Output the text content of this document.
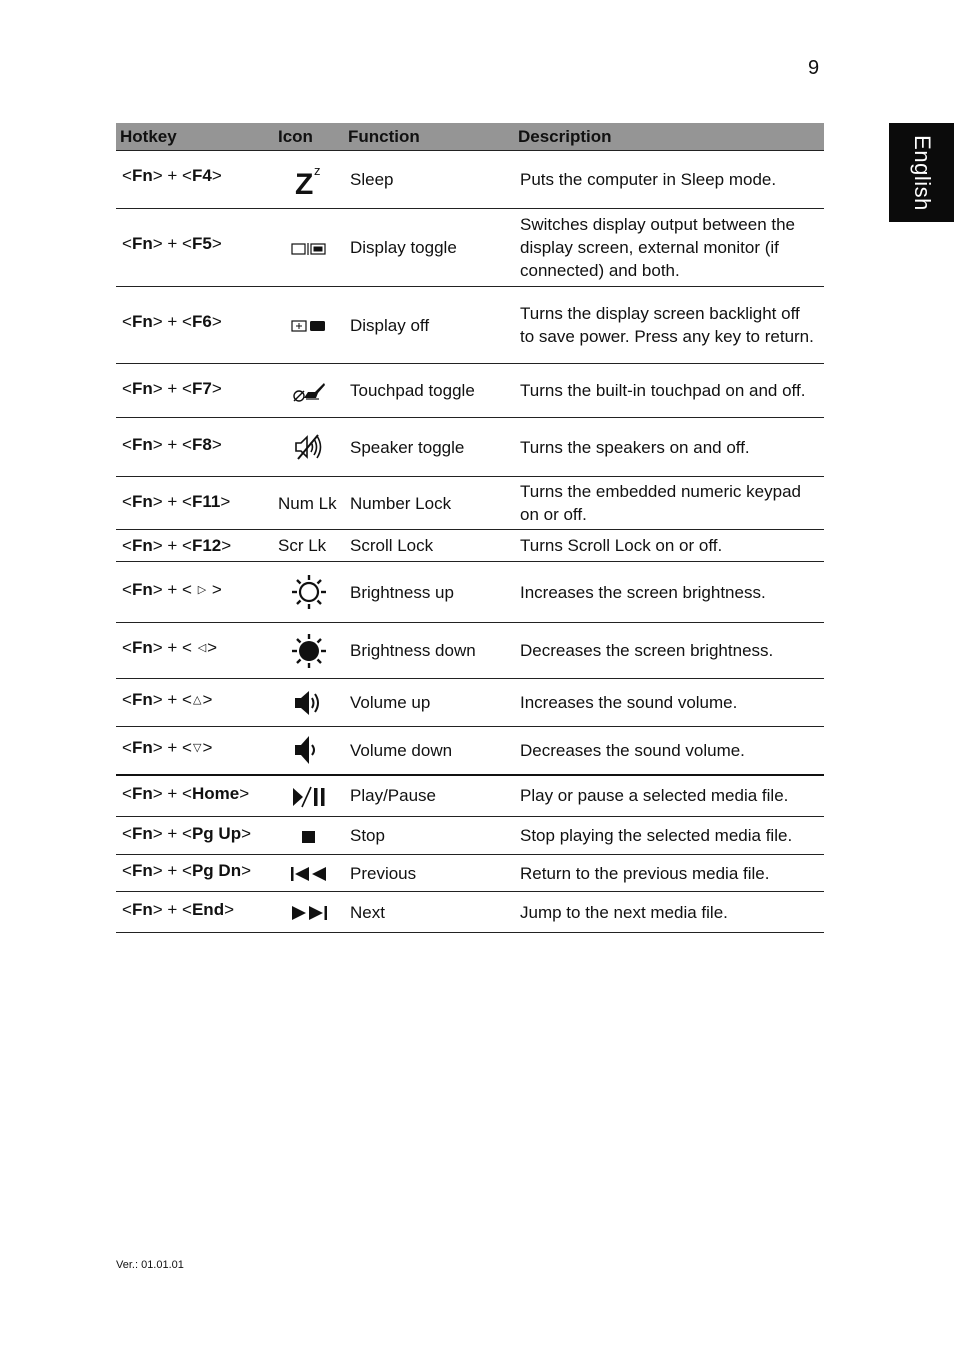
9
English
Hotkey	Icon	Function	Description
<Fn> + <F4>	Z z	Sleep	Puts the computer in Sleep mode.
<Fn> + <F5>		Display toggle	Switches display output between the display screen, external monitor (if connected) and both.
<Fn> + <F6>		Display off	Turns the display screen backlight off to save power. Press any key to return.
<Fn> + <F7>		Touchpad toggle	Turns the built-in touchpad on and off.
<Fn> + <F8>		Speaker toggle	Turns the speakers on and off.
<Fn> + <F11>	Num Lk	Number Lock	Turns the embedded numeric keypad on or off.
<Fn> + <F12>	Scr Lk	Scroll Lock	Turns Scroll Lock on or off.
<Fn> + < ▷ >		Brightness up	Increases the screen brightness.
<Fn> + < ◁>		Brightness down	Decreases the screen brightness.
<Fn> + <△>		Volume up	Increases the sound volume.
<Fn> + <▽>		Volume down	Decreases the sound volume.
<Fn> + <Home>		Play/Pause	Play or pause a selected media file.
<Fn> + <Pg Up>		Stop	Stop playing the selected media file.
<Fn> + <Pg Dn>		Previous	Return to the previous media file.
<Fn> + <End>		Next	Jump to the next media file.
Ver.: 01.01.01
